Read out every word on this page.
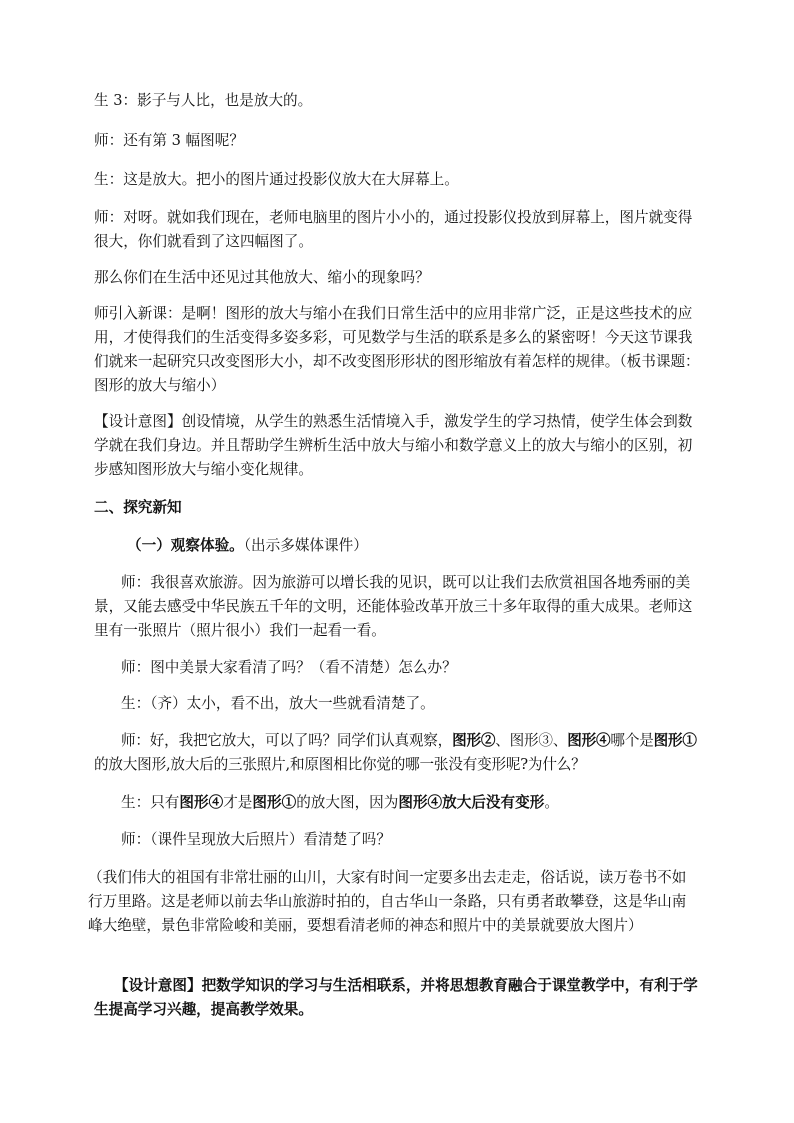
生 3：影子与人比，也是放大的。

师：还有第 3 幅图呢？

生：这是放大。把小的图片通过投影仪放大在大屏幕上。

师：对呀。就如我们现在，老师电脑里的图片小小的，通过投影仪投放到屏幕上，图片就变得很大，你们就看到了这四幅图了。

那么你们在生活中还见过其他放大、缩小的现象吗？

师引入新课：是啊！图形的放大与缩小在我们日常生活中的应用非常广泛，正是这些技术的应用，才使得我们的生活变得多姿多彩，可见数学与生活的联系是多么的紧密呀！今天这节课我们就来一起研究只改变图形大小，却不改变图形形状的图形缩放有着怎样的规律。（板书课题：图形的放大与缩小）

【设计意图】创设情境，从学生的熟悉生活情境入手，激发学生的学习热情，使学生体会到数学就在我们身边。并且帮助学生辨析生活中放大与缩小和数学意义上的放大与缩小的区别，初步感知图形放大与缩小变化规律。

二、探究新知

（一）观察体验。（出示多媒体课件）

师：我很喜欢旅游。因为旅游可以增长我的见识，既可以让我们去欣赏祖国各地秀丽的美景，又能去感受中华民族五千年的文明，还能体验改革开放三十多年取得的重大成果。老师这里有一张照片（照片很小）我们一起看一看。

师：图中美景大家看清了吗？（看不清楚）怎么办？

生：（齐）太小，看不出，放大一些就看清楚了。

师：好，我把它放大，可以了吗？同学们认真观察，图形②、图形③、图形④哪个是图形①的放大图形,放大后的三张照片,和原图相比你觉的哪一张没有变形呢?为什么？

生：只有图形④才是图形①的放大图，因为图形④放大后没有变形。

师：（课件呈现放大后照片）看清楚了吗？

（我们伟大的祖国有非常壮丽的山川，大家有时间一定要多出去走走，俗话说，读万卷书不如行万里路。这是老师以前去华山旅游时拍的，自古华山一条路，只有勇者敢攀登，这是华山南峰大绝壁，景色非常险峻和美丽，要想看清老师的神态和照片中的美景就要放大图片）

【设计意图】把数学知识的学习与生活相联系，并将思想教育融合于课堂教学中，有利于学生提高学习兴趣，提高教学效果。
